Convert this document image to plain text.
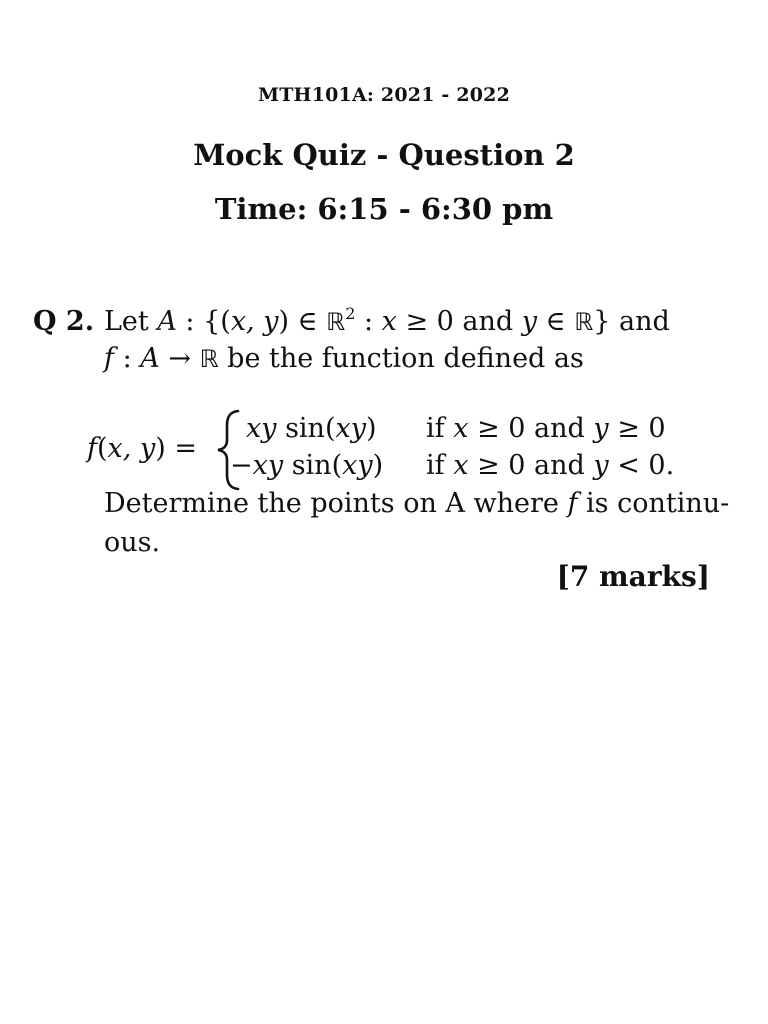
MTH101A: 2021 - 2022
Mock Quiz - Question 2
Time: 6:15 - 6:30 pm
Q 2. Let A : {(x, y) ∈ ℝ$^2$ : x ≥ 0 and y ∈ ℝ} and
f : A → ℝ be the function defined as
f(x, y) =
xy sin(xy) if x ≥ 0 and y ≥ 0
−xy sin(xy) if x ≥ 0 and y < 0.
Determine the points on A where f is continu-
ous.
[7 marks]
